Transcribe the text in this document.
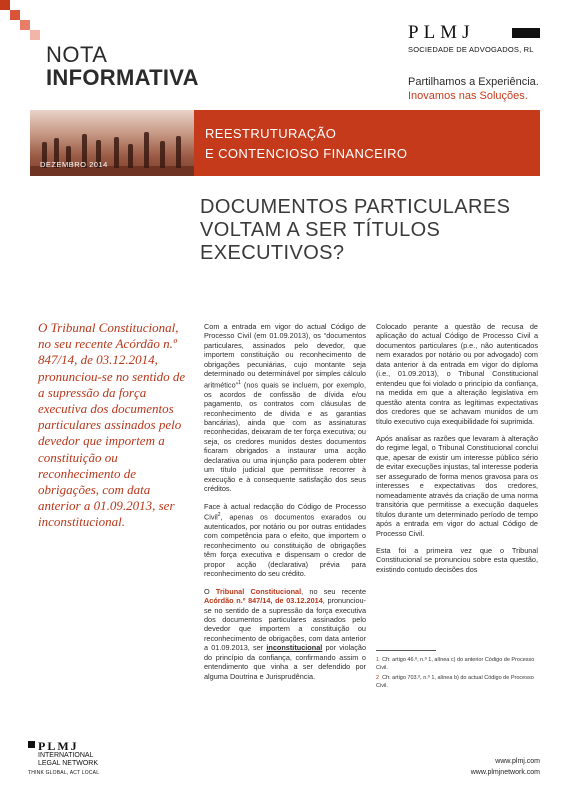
NOTA
INFORMATIVA
PLMJ
SOCIEDADE DE ADVOGADOS, RL
Partilhamos a Experiência.
Inovamos nas Soluções.
DEZEMBRO 2014
REESTRUTURAÇÃO
E CONTENCIOSO FINANCEIRO
DOCUMENTOS PARTICULARES VOLTAM A SER TÍTULOS EXECUTIVOS?
O Tribunal Constitucional, no seu recente Acórdão n.º 847/14, de 03.12.2014, pronunciou-se no sentido de a supressão da força executiva dos documentos particulares assinados pelo devedor que importem a constituição ou reconhecimento de obrigações, com data anterior a 01.09.2013, ser inconstitucional.

Com a entrada em vigor do actual Código de Processo Civil (em 01.09.2013), os “documentos particulares, assinados pelo devedor, que importem constituição ou reconhecimento de obrigações pecuniárias, cujo montante seja determinado ou determinável por simples cálculo aritmético”$^1$ (nos quais se incluem, por exemplo, os acordos de confissão de dívida e/ou pagamento, os contratos com cláusulas de reconhecimento de dívida e as garantias bancárias), ainda que com as assinaturas reconhecidas, deixaram de ter força executiva; ou seja, os credores munidos destes documentos ficaram obrigados a instaurar uma acção declarativa ou uma injunção para poderem obter um título judicial que permitisse recorrer à execução e à consequente satisfação dos seus créditos.

Face à actual redacção do Código de Processo Civil$^2$, apenas os documentos exarados ou autenticados, por notário ou por outras entidades com competência para o efeito, que importem o reconhecimento ou constituição de obrigações têm força executiva e dispensam o credor de propor acção (declarativa) prévia para reconhecimento do seu crédito.

O Tribunal Constitucional, no seu recente Acórdão n.º 847/14, de 03.12.2014, pronunciou-se no sentido de a supressão da força executiva dos documentos particulares assinados pelo devedor que importem a constituição ou reconhecimento de obrigações, com data anterior a 01.09.2013, ser inconstitucional por violação do princípio da confiança, confirmando assim o entendimento que vinha a ser defendido por alguma Doutrina e Jurisprudência.

Colocado perante a questão de recusa de aplicação do actual Código de Processo Civil a documentos particulares (p.e., não autenticados nem exarados por notário ou por advogado) com data anterior à da entrada em vigor do diploma (i.e., 01.09.2013), o Tribunal Constitucional entendeu que foi violado o princípio da confiança, na medida em que a alteração legislativa em questão atenta contra as legítimas expectativas dos credores que se achavam munidos de um título executivo cuja exequibilidade foi suprimida.

Após analisar as razões que levaram à alteração do regime legal, o Tribunal Constitucional conclui que, apesar de existir um interesse público sério de evitar execuções injustas, tal interesse poderia ser assegurado de forma menos gravosa para os interesses e expectativas dos credores, nomeadamente através da criação de uma norma transitória que permitisse a execução daqueles títulos durante um determinado período de tempo após a entrada em vigor do actual Código de Processo Civil.

Esta foi a primeira vez que o Tribunal Constitucional se pronunciou sobre esta questão, existindo contudo decisões dos

1 Cfr. artigo 46.º, n.º 1, alínea c) do anterior Código de Processo Civil.
2 Cfr. artigo 703.º, n.º 1, alínea b) do actual Código de Processo Civil.
PLMJ
INTERNATIONAL
LEGAL NETWORK
THINK GLOBAL, ACT LOCAL
www.plmj.com
www.plmjnetwork.com
